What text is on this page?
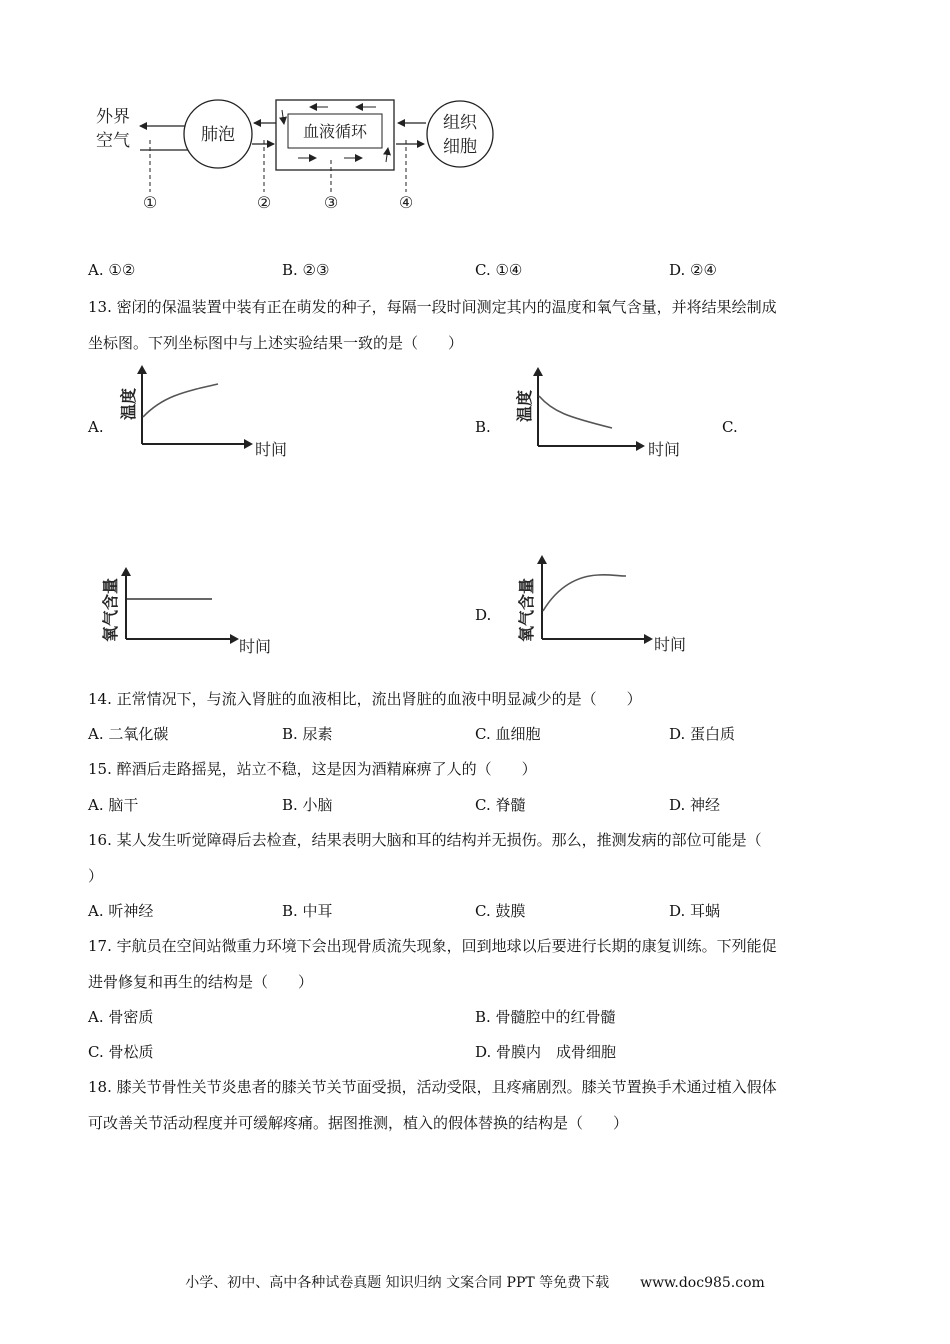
外界
空气	肺泡	血液循环	组织
细胞
①	②	③	④
A. ①②	B. ②③	C. ①④	D. ②④
13. 密闭的保温装置中装有正在萌发的种子，每隔一段时间测定其内的温度和氧气含量，并将结果绘制成
坐标图。下列坐标图中与上述实验结果一致的是（　　）
A.	B.	C.
D.
温度
时间
温度
时间
氧气含量
时间
氧气含量
时间
14. 正常情况下，与流入肾脏的血液相比，流出肾脏的血液中明显减少的是（　　）
A. 二氧化碳	B. 尿素	C. 血细胞	D. 蛋白质
15. 醉酒后走路摇晃，站立不稳，这是因为酒精麻痹了人的（　　）
A. 脑干	B. 小脑	C. 脊髓	D. 神经
16. 某人发生听觉障碍后去检查，结果表明大脑和耳的结构并无损伤。那么，推测发病的部位可能是（
）
A. 听神经	B. 中耳	C. 鼓膜	D. 耳蜗
17. 宇航员在空间站微重力环境下会出现骨质流失现象，回到地球以后要进行长期的康复训练。下列能促
进骨修复和再生的结构是（　　）
A. 骨密质	B. 骨髓腔中的红骨髓
C. 骨松质	D. 骨膜内　成骨细胞
18. 膝关节骨性关节炎患者的膝关节关节面受损，活动受限，且疼痛剧烈。膝关节置换手术通过植入假体
可改善关节活动程度并可缓解疼痛。据图推测，植入的假体替换的结构是（　　）
小学、初中、高中各种试卷真题 知识归纳 文案合同 PPT 等免费下载 www.doc985.com
